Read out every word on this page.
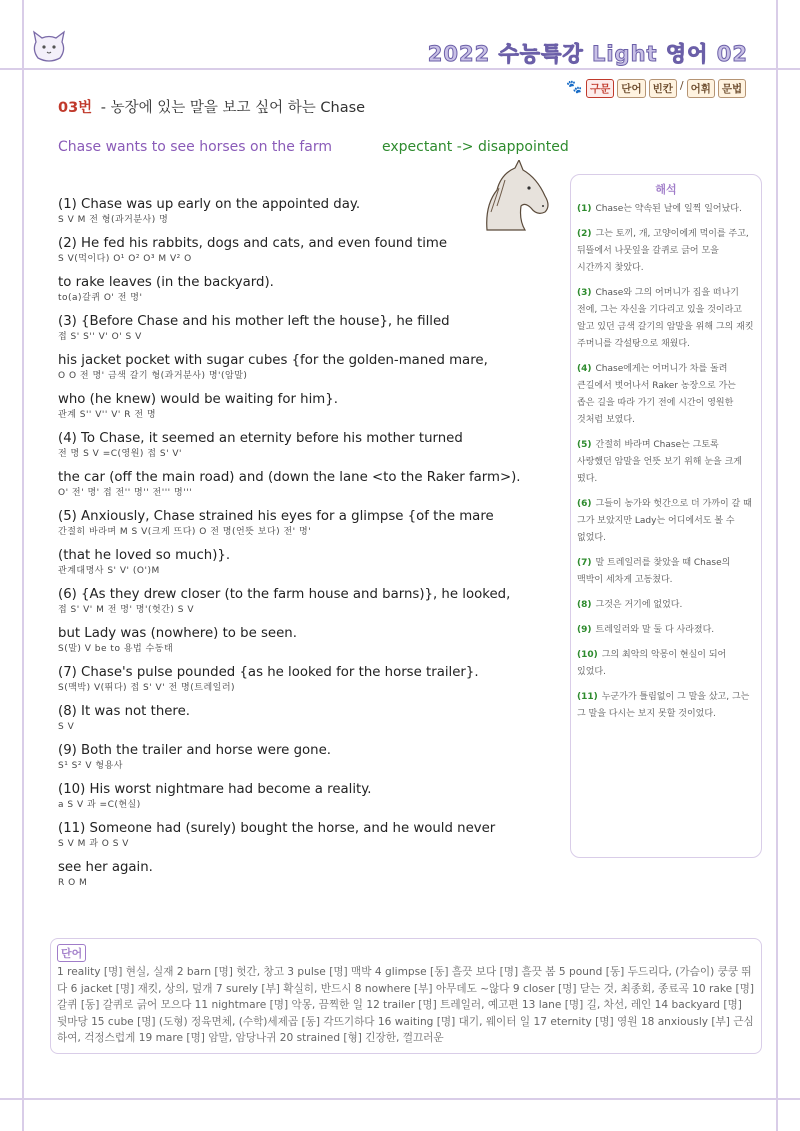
2022 수능특강 Light 영어 02
🐾 구문	단어	빈칸 / 어휘	문법
03번 - 농장에 있는 말을 보고 싶어 하는 Chase
Chase wants to see horses on the farm	expectant -> disappointed
(1) Chase was up early on the appointed day.
S V M 전 형(과거분사) 명
(2) He fed his rabbits, dogs and cats, and even found time
S V(먹이다) O¹ O² O³ M V² O
to rake leaves (in the backyard).
to(a)갈퀴 O' 전 명'
(3) {Before Chase and his mother left the house}, he filled
접 S' S'' V' O' S V
his jacket pocket with sugar cubes {for the golden-maned mare,
O O 전 명' 금색 갈기 형(과거분사) 명'(암말)
who (he knew) would be waiting for him}.
관계 S'' V'' V' R 전 명
(4) To Chase, it seemed an eternity before his mother turned
전 명 S V =C(영원) 접 S' V'
the car (off the main road) and (down the lane <to the Raker farm>).
O' 전' 명' 접 전'' 명'' 전''' 명'''
(5) Anxiously, Chase strained his eyes for a glimpse {of the mare
간절히 바라며 M S V(크게 뜨다) O 전 명(언뜻 보다) 전' 명'
(that he loved so much)}.
관계대명사 S' V' (O')M
(6) {As they drew closer (to the farm house and barns)}, he looked,
접 S' V' M 전 명' 명'(헛간) S V
but Lady was (nowhere) to be seen.
S(말) V be to 용법 수동태
(7) Chase's pulse pounded {as he looked for the horse trailer}.
S(맥박) V(뛰다) 접 S' V' 전 명(트레일러)
(8) It was not there.
S V
(9) Both the trailer and horse were gone.
S¹ S² V 형용사
(10) His worst nightmare had become a reality.
a S V 과 =C(현실)
(11) Someone had (surely) bought the horse, and he would never
S V M 과 O S V
see her again.
R O M
해석
(1) Chase는 약속된 날에 일찍 일어났다.
(2) 그는 토끼, 개, 고양이에게 먹이를 주고, 뒤뜰에서 나뭇잎을 갈퀴로 긁어 모을 시간까지 찾았다.
(3) Chase와 그의 어머니가 집을 떠나기 전에, 그는 자신을 기다리고 있을 것이라고 알고 있던 금색 갈기의 암말을 위해 그의 재킷 주머니를 각설탕으로 채웠다.
(4) Chase에게는 어머니가 차를 돌려 큰길에서 벗어나서 Raker 농장으로 가는 좁은 길을 따라 가기 전에 시간이 영원한 것처럼 보였다.
(5) 간절히 바라며 Chase는 그토록 사랑했던 암말을 언뜻 보기 위해 눈을 크게 떴다.
(6) 그들이 농가와 헛간으로 더 가까이 갈 때 그가 보았지만 Lady는 어디에서도 볼 수 없었다.
(7) 말 트레일러를 찾았을 때 Chase의 맥박이 세차게 고동쳤다.
(8) 그것은 거기에 없었다.
(9) 트레일러와 말 둘 다 사라졌다.
(10) 그의 최악의 악몽이 현실이 되어 있었다.
(11) 누군가가 틀림없이 그 말을 샀고, 그는 그 말을 다시는 보지 못할 것이었다.
단어
1 reality [명] 현실, 실재 2 barn [명] 헛간, 창고 3 pulse [명] 맥박 4 glimpse [동] 흘끗 보다 [명] 흘끗 봄 5 pound [동] 두드리다, (가슴이) 쿵쿵 뛰다 6 jacket [명] 재킷, 상의, 덮개 7 surely [부] 확실히, 반드시 8 nowhere [부] 아무데도 ~않다 9 closer [명] 닫는 것, 최종회, 종료곡 10 rake [명] 갈퀴 [동] 갈퀴로 긁어 모으다 11 nightmare [명] 악몽, 끔찍한 일 12 trailer [명] 트레일러, 예고편 13 lane [명] 길, 차선, 레인 14 backyard [명] 뒷마당 15 cube [명] (도형) 정육면체, (수학)세제곱 [동] 각뜨기하다 16 waiting [명] 대기, 웨이터 일 17 eternity [명] 영원 18 anxiously [부] 근심하여, 걱정스럽게 19 mare [명] 암말, 암당나귀 20 strained [형] 긴장한, 껄끄러운
